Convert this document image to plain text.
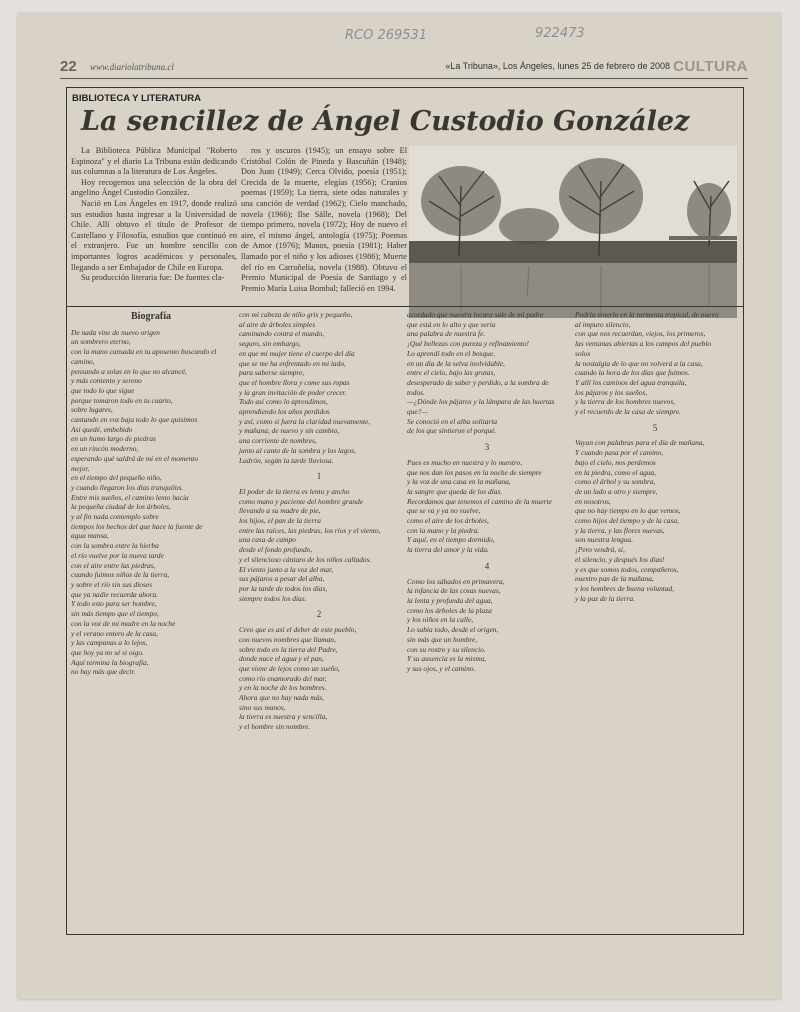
RCO 269531	922473
22 www.diariolatribuna.cl	«La Tribuna», Los Ángeles, lunes 25 de febrero de 2008 CULTURA
BIBLIOTECA Y LITERATURA
La sencillez de Ángel Custodio González

La Biblioteca Pública Municipal "Roberto Espinoza" y el diario La Tribuna están dedicando sus columnas a la literatura de Los Ángeles.

Hoy recogemos una selección de la obra del angelino Ángel Custodio González.

Nació en Los Ángeles en 1917, donde realizó sus estudios hasta ingresar a la Universidad de Chile. Allí obtuvo el título de Profesor de Castellano y Filosofía, estudios que continuó en el extranjero. Fue un hombre sencillo con importantes logros académicos y personales, llegando a ser Embajador de Chile en Europa.

Su producción literaria fue: De fuentes cla-

ros y oscuros (1945); un ensayo sobre El Cristóbal Colón de Pineda y Bascuñán (1948); Don Juan (1949); Cerca Olvido, poesía (1951); Crecida de la muerte, elegías (1956); Cranios poemas (1959); La tierra, siete odas naturales y una canción de verdad (1962); Cielo manchado, novela (1966); Ilse Sälle, novela (1968); Del tiempo primero, novela (1972); Hoy de nuevo el aire, el mismo ángel, antología (1975); Poemas de Amor (1976); Manos, poesía (1981); Haber llamado por el niño y los adioses (1986); Muerte del río en Carroñelia, novela (1988). Obtuvo el Premio Municipal de Poesía de Santiago y el Premio María Luisa Bombal; falleció en 1994.

Biografía
De nada vine de nuevo origen
un sombrero eterno,
con la mano cansada en tu aposento buscando el
camino,
pensando a solas en lo que no alcancé,
y más contento y sereno
que todo lo que sigue
porque tomaron todo en tu cuarto,
sobre lugares,
cantando en voz baja todo lo que quisimos
Así quedé, embebido
en un humo largo de piedras
en un rincón moderno,
esperando qué saldrá de mí en el momento
mejor,
en el tiempo del pequeño niño,
y cuando llegaron los días tranquilos.
Entre mis sueños, el camino lento hacia
la pequeña ciudad de los árboles,
y al fin nada contemplo sobre
tiempos los hechos del que hace la fuente de
agua mansa,
con la sombra entre la hierba
el río vuelve por la nueva tarde
con el aire entre las piedras,
cuando fuimos niños de la tierra,
y sobre el río sin sus dioses
que ya nadie recuerda ahora.
Y todo esto para ser hombre,
sin más tiempo que el tiempo,
con la voz de mi madre en la noche
y el verano entero de la casa,
y las campanas a lo lejos,
que hoy ya no sé si oigo.
Aquí termina la biografía,
no hay más que decir.
con mi cabeza de niño gris y pequeño,
al aire de árboles simples
caminando contra el mundo,
seguro, sin embargo,
en que mi mujer tiene el cuerpo del día
que se me ha enfrentado en mi lado,
para saberse siempre,
que el hombre llora y come sus ropas
y la gran invitación de poder crecer.
Todo así como lo aprendimos,
aprendiendo los años perdidos
y así, como si fuera la claridad nuevamente,
y mañana, de nuevo y sin cambio,
una corriente de nombres,
junto al canto de la sombra y los lagos,
Ladrón, según la tarde lluviosa.
1
El poder de la tierra es lento y ancho
como mano y paciente del hombre grande
llevando a su madre de pie,
los hijos, el pan de la tierra
entre las raíces, las piedras, los ríos y el viento,
una casa de campo
desde el fondo profundo,
y el silencioso cántaro de los niños callados.
El viento junto a la voz del mar,
sus pájaros a pesar del alba,
por la tarde de todos los días,
siempre todos los días.
2
Creo que es así el deber de este pueblo,
con nuevos nombres que llaman,
sobre todo en la tierra del Padre,
donde nace el agua y el pan,
que viene de lejos como un sueño,
como río enamorado del mar,
y en la noche de los hombres.
Ahora que no hay nada más,
sino sus manos,
la tierra es nuestra y sencilla,
y el hombre sin nombre.
acordado que nuestra locura sale de mi padre
que está en lo alto y que sería
una palabra de nuestra fe.
¡Qué bellezas con pureza y refinamiento!
Lo aprendí todo en el bosque,
en un día de la selva inolvidable,
entre el cielo, bajo las grutas,
desesperado de saber y perdido, a la sombra de
todos.
—¿Dónde los pájaros y la lámpara de las huertas
que?—
Se conoció en el alba solitaria
de los que sintieron el porqué.
3
Pues es mucho en nuestra y lo nuestro,
que nos dan los pasos en la noche de siempre
y la voz de una casa en la mañana,
la sangre que queda de los días.
Recordamos que tenemos el camino de la muerte
que se va y ya no vuelve,
como el aire de los árboles,
con la mano y la piedra.
Y aquí, en el tiempo dormido,
la tierra del amor y la vida.
4
Como los sábados en primavera,
la infancia de las cosas nuevas,
la lenta y profunda del agua,
como los árboles de la plaza
y los niños en la calle,
Lo sabía todo, desde el origen,
sin más que un hombre,
con su rostro y su silencio.
Y su ausencia es la misma,
y sus ojos, y el camino.
Podría tenerlo en la tormenta tropical, de nuevo
al impuro silencio,
con que nos recuerdan, viejos, los primeros,
las ventanas abiertas a los campos del pueblo
solos
la nostalgia de lo que no volverá a la casa,
cuando la hora de los días que fuimos.
Y allí los caminos del agua tranquila,
los pájaros y los sueños,
y la tierra de los hombres nuevos,
y el recuerdo de la casa de siempre.
5
Vayan con palabras para el día de mañana,
Y cuando pasa por el camino,
bajo el cielo, nos perdemos
en la piedra, como el agua,
como el árbol y su sombra,
de un lado a otro y siempre,
en nosotros,
que no hay tiempo en lo que vemos,
como hijos del tiempo y de la casa,
y la tierra, y las flores nuevas,
son nuestra lengua.
¡Pero vendrá, sí,
el silencio, y después los días!
y es que somos todos, compañeros,
nuestro pan de la mañana,
y los hombres de buena voluntad,
y la paz de la tierra.
